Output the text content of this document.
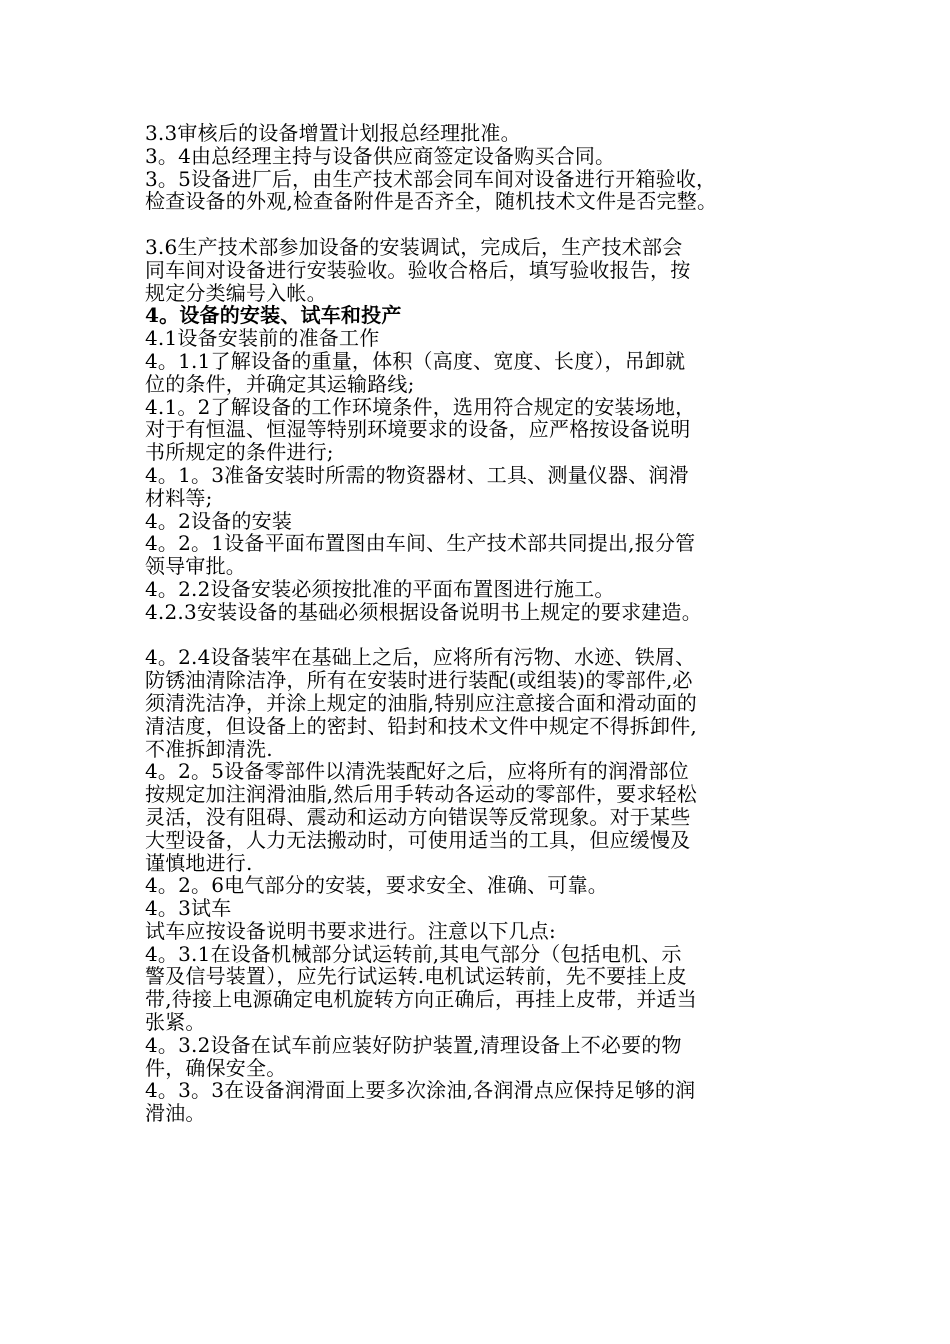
3.3审核后的设备增置计划报总经理批准。
3。4由总经理主持与设备供应商签定设备购买合同。
3。5设备进厂后，由生产技术部会同车间对设备进行开箱验收，
检查设备的外观,检查备附件是否齐全，随机技术文件是否完整。
3.6生产技术部参加设备的安装调试，完成后，生产技术部会
同车间对设备进行安装验收。验收合格后，填写验收报告，按
规定分类编号入帐。
4。设备的安装、试车和投产
4.1设备安装前的准备工作
4。1.1了解设备的重量，体积（高度、宽度、长度），吊卸就
位的条件，并确定其运输路线;
4.1。2了解设备的工作环境条件，选用符合规定的安装场地，
对于有恒温、恒湿等特别环境要求的设备，应严格按设备说明
书所规定的条件进行;
4。1。3准备安装时所需的物资器材、工具、测量仪器、润滑
材料等;
4。2设备的安装
4。2。1设备平面布置图由车间、生产技术部共同提出,报分管
领导审批。
4。2.2设备安装必须按批准的平面布置图进行施工。
4.2.3安装设备的基础必须根据设备说明书上规定的要求建造。
4。2.4设备装牢在基础上之后，应将所有污物、水迹、铁屑、
防锈油清除洁净，所有在安装时进行装配(或组装)的零部件,必
须清洗洁净，并涂上规定的油脂,特别应注意接合面和滑动面的
清洁度，但设备上的密封、铅封和技术文件中规定不得拆卸件,
不准拆卸清洗.
4。2。5设备零部件以清洗装配好之后，应将所有的润滑部位
按规定加注润滑油脂,然后用手转动各运动的零部件，要求轻松
灵活，没有阻碍、震动和运动方向错误等反常现象。对于某些
大型设备，人力无法搬动时，可使用适当的工具，但应缓慢及
谨慎地进行.
4。2。6电气部分的安装，要求安全、准确、可靠。
4。3试车
试车应按设备说明书要求进行。注意以下几点:
4。3.1在设备机械部分试运转前,其电气部分（包括电机、示
警及信号装置），应先行试运转.电机试运转前，先不要挂上皮
带,待接上电源确定电机旋转方向正确后，再挂上皮带，并适当
张紧。
4。3.2设备在试车前应装好防护装置,清理设备上不必要的物
件，确保安全。
4。3。3在设备润滑面上要多次涂油,各润滑点应保持足够的润
滑油。
